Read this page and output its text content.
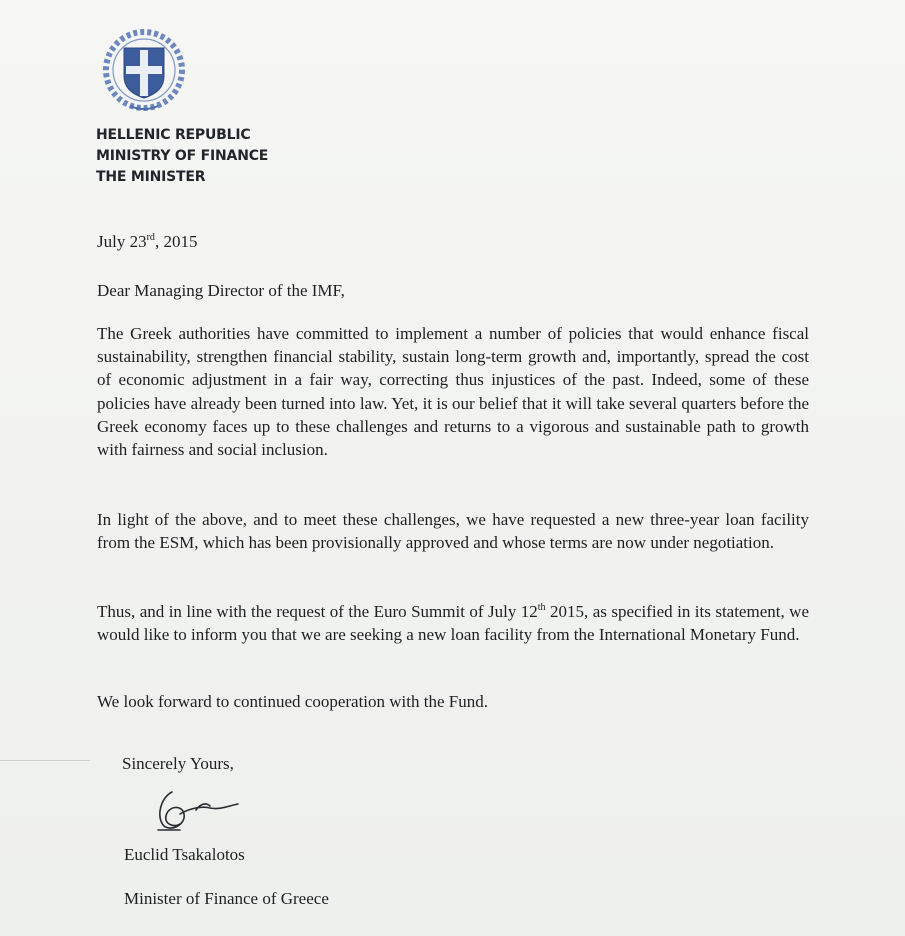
HELLENIC REPUBLIC
MINISTRY OF FINANCE
THE MINISTER
July 23rd, 2015
Dear Managing Director of the IMF,

The Greek authorities have committed to implement a number of policies that would enhance fiscal sustainability, strengthen financial stability, sustain long-term growth and, importantly, spread the cost of economic adjustment in a fair way, correcting thus injustices of the past. Indeed, some of these policies have already been turned into law. Yet, it is our belief that it will take several quarters before the Greek economy faces up to these challenges and returns to a vigorous and sustainable path to growth with fairness and social inclusion.

In light of the above, and to meet these challenges, we have requested a new three-year loan facility from the ESM, which has been provisionally approved and whose terms are now under negotiation.

Thus, and in line with the request of the Euro Summit of July 12th 2015, as specified in its statement, we would like to inform you that we are seeking a new loan facility from the International Monetary Fund.

We look forward to continued cooperation with the Fund.

Sincerely Yours,
Euclid Tsakalotos
Minister of Finance of Greece
